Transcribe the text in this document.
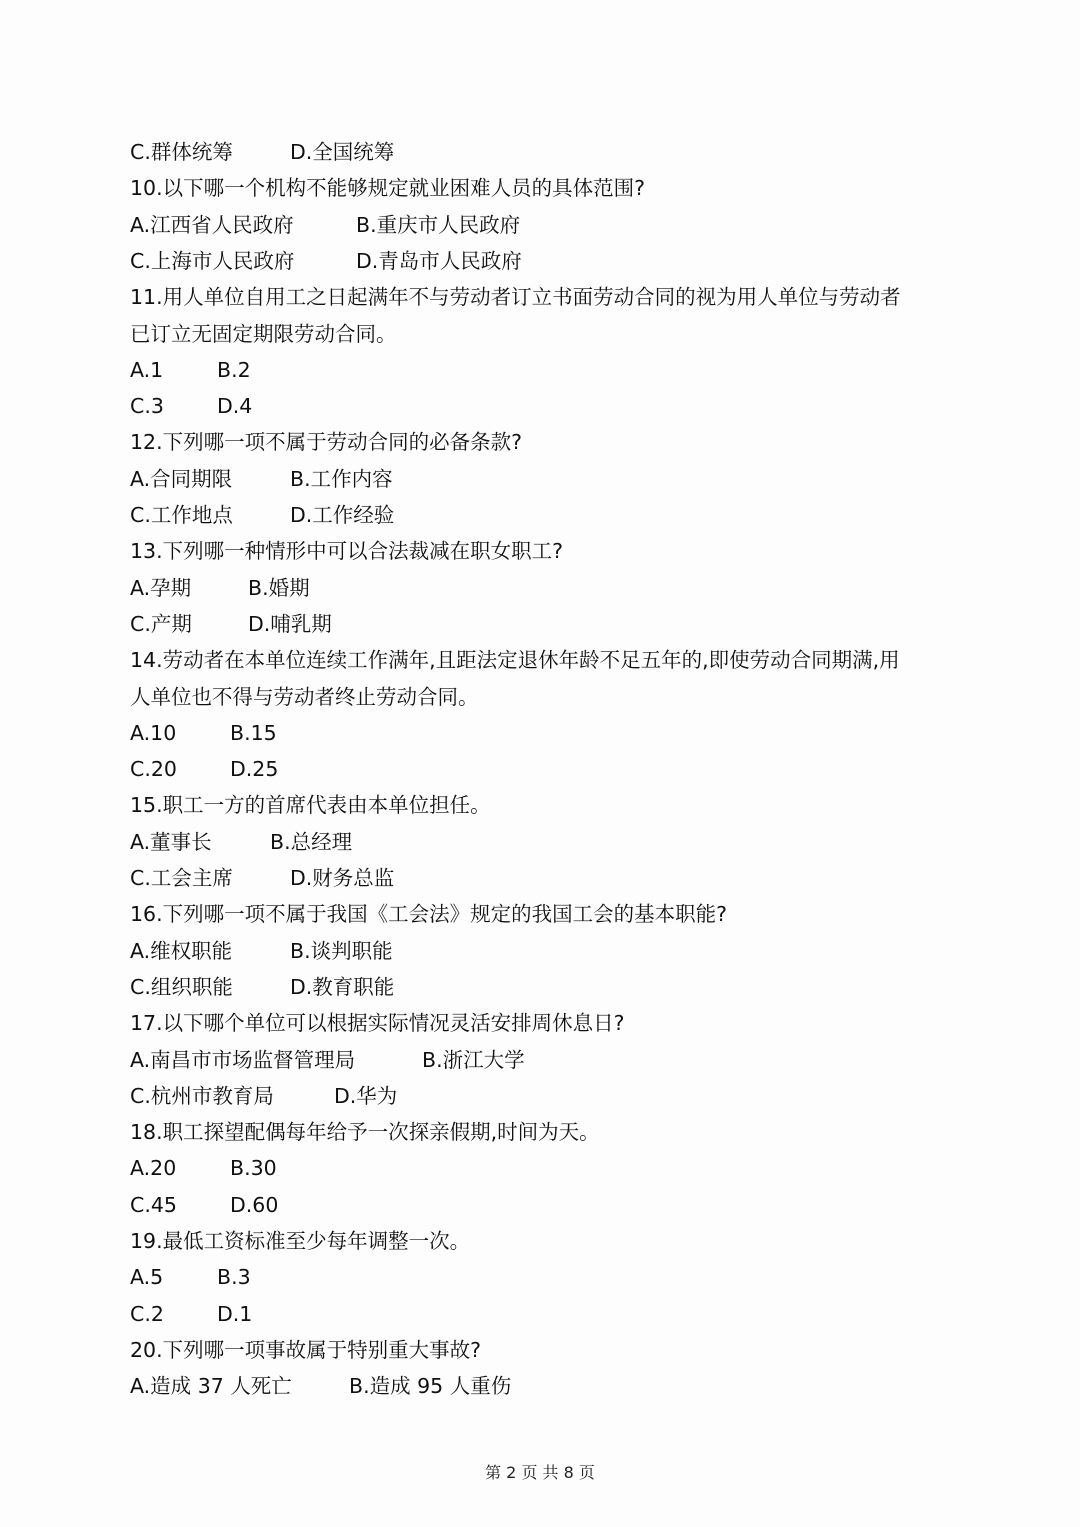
C.群体统筹	D.全国统筹
10.以下哪一个机构不能够规定就业困难人员的具体范围?
A.江西省人民政府	B.重庆市人民政府
C.上海市人民政府	D.青岛市人民政府
11.用人单位自用工之日起满年不与劳动者订立书面劳动合同的视为用人单位与劳动者
已订立无固定期限劳动合同。
A.1	B.2
C.3	D.4
12.下列哪一项不属于劳动合同的必备条款?
A.合同期限	B.工作内容
C.工作地点	D.工作经验
13.下列哪一种情形中可以合法裁减在职女职工?
A.孕期	B.婚期
C.产期	D.哺乳期
14.劳动者在本单位连续工作满年,且距法定退休年龄不足五年的,即使劳动合同期满,用
人单位也不得与劳动者终止劳动合同。
A.10	B.15
C.20	D.25
15.职工一方的首席代表由本单位担任。
A.董事长	B.总经理
C.工会主席	D.财务总监
16.下列哪一项不属于我国《工会法》规定的我国工会的基本职能?
A.维权职能	B.谈判职能
C.组织职能	D.教育职能
17.以下哪个单位可以根据实际情况灵活安排周休息日?
A.南昌市市场监督管理局	B.浙江大学
C.杭州市教育局	D.华为
18.职工探望配偶每年给予一次探亲假期,时间为天。
A.20	B.30
C.45	D.60
19.最低工资标准至少每年调整一次。
A.5	B.3
C.2	D.1
20.下列哪一项事故属于特别重大事故?
A.造成 37 人死亡	B.造成 95 人重伤
第 2 页 共 8 页
